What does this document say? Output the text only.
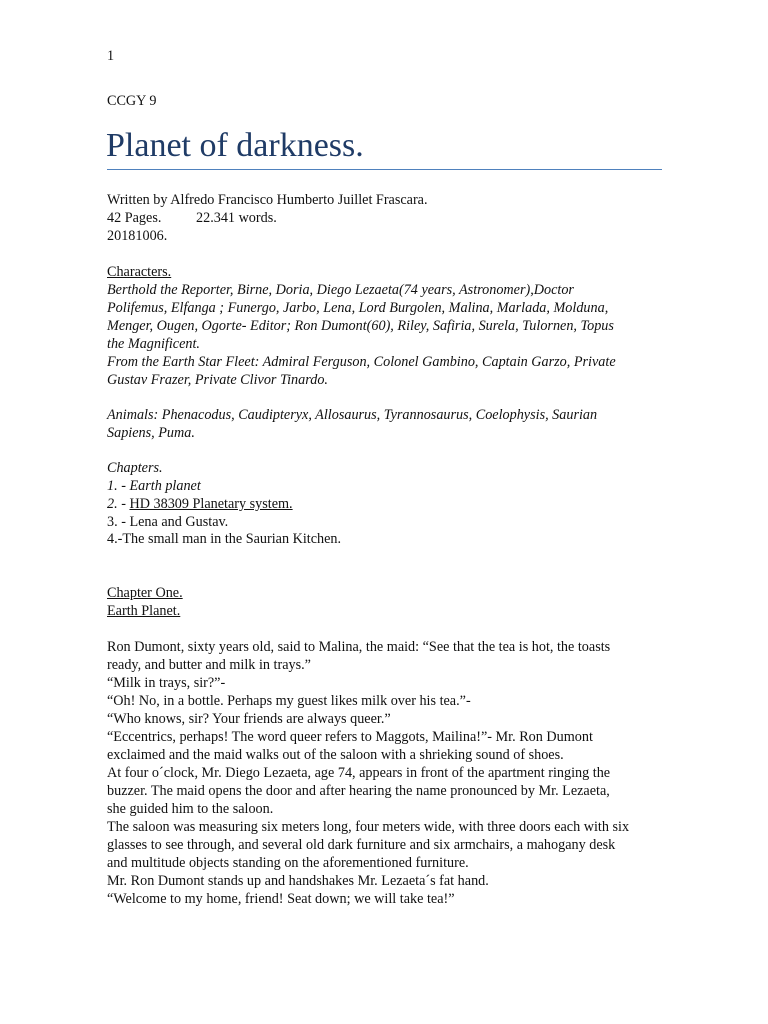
1
CCGY 9
Planet of darkness.
Written by Alfredo Francisco Humberto Juillet Frascara.
42 Pages. 22.341 words.
20181006.
Characters.
Berthold the Reporter, Birne, Doria, Diego Lezaeta(74 years, Astronomer),Doctor
Polifemus, Elfanga ; Funergo, Jarbo, Lena, Lord Burgolen, Malina, Marlada, Molduna,
Menger, Ougen, Ogorte- Editor; Ron Dumont(60), Riley, Safiria, Surela, Tulornen, Topus
the Magnificent.
From the Earth Star Fleet: Admiral Ferguson, Colonel Gambino, Captain Garzo, Private
Gustav Frazer, Private Clivor Tinardo.
Animals: Phenacodus, Caudipteryx, Allosaurus, Tyrannosaurus, Coelophysis, Saurian
Sapiens, Puma.
Chapters.
1. - Earth planet
2. - HD 38309 Planetary system.
3. - Lena and Gustav.
4.-The small man in the Saurian Kitchen.
Chapter One.
Earth Planet.

Ron Dumont, sixty years old, said to Malina, the maid: “See that the tea is hot, the toasts

ready, and butter and milk in trays.”

“Milk in trays, sir?”-

“Oh! No, in a bottle. Perhaps my guest likes milk over his tea.”-

“Who knows, sir? Your friends are always queer.”

“Eccentrics, perhaps! The word queer refers to Maggots, Mailina!”- Mr. Ron Dumont

exclaimed and the maid walks out of the saloon with a shrieking sound of shoes.

At four o´clock, Mr. Diego Lezaeta, age 74, appears in front of the apartment ringing the

buzzer. The maid opens the door and after hearing the name pronounced by Mr. Lezaeta,

she guided him to the saloon.

The saloon was measuring six meters long, four meters wide, with three doors each with six

glasses to see through, and several old dark furniture and six armchairs, a mahogany desk

and multitude objects standing on the aforementioned furniture.

Mr. Ron Dumont stands up and handshakes Mr. Lezaeta´s fat hand.

“Welcome to my home, friend! Seat down; we will take tea!”
